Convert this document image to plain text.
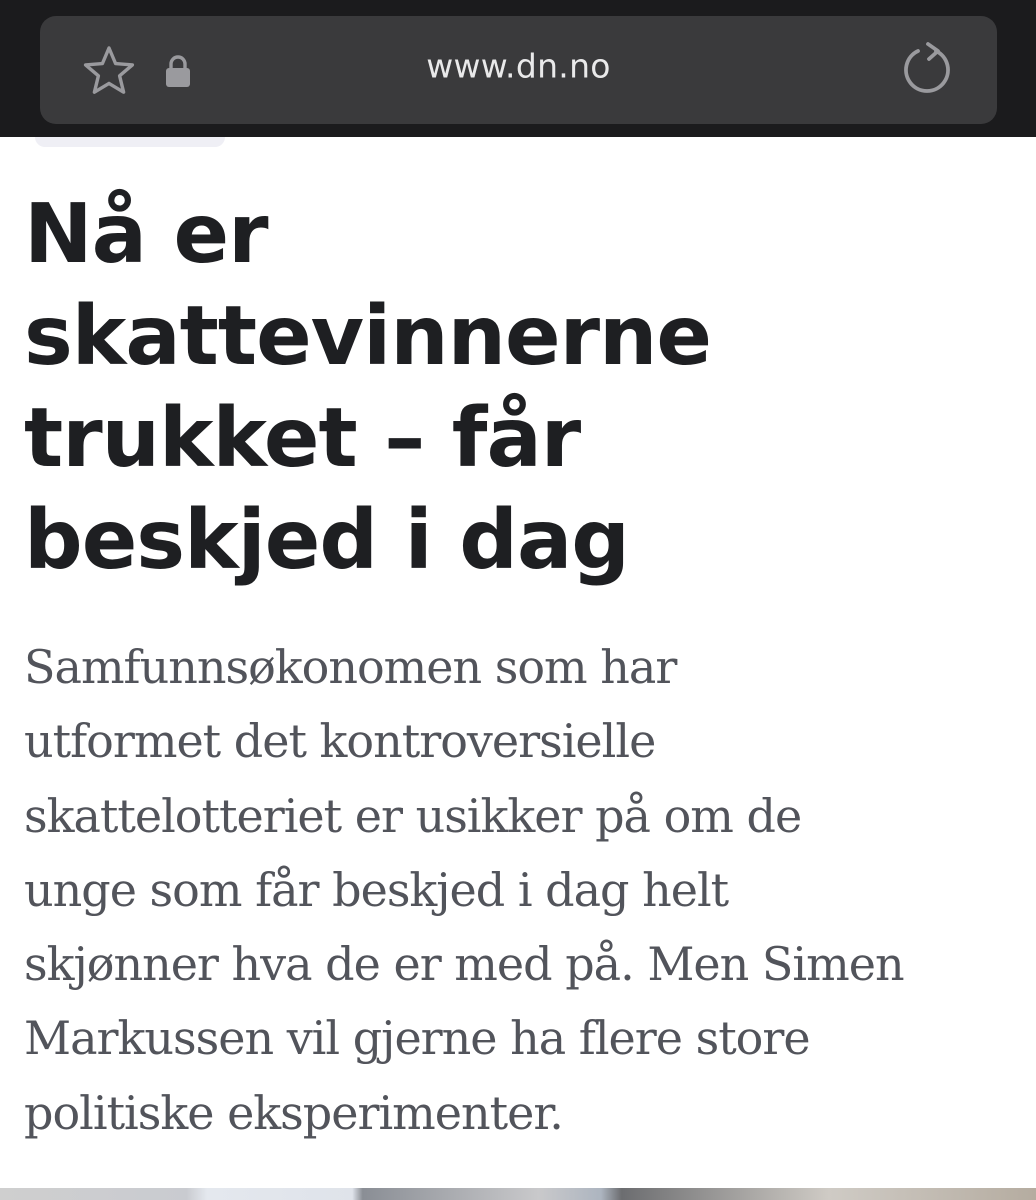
www.dn.no
Nå er
skattevinnerne
trukket – får
beskjed i dag

Samfunnsøkonomen som har
utformet det kontroversielle
skattelotteriet er usikker på om de
unge som får beskjed i dag helt
skjønner hva de er med på. Men Simen
Markussen vil gjerne ha flere store
politiske eksperimenter.
